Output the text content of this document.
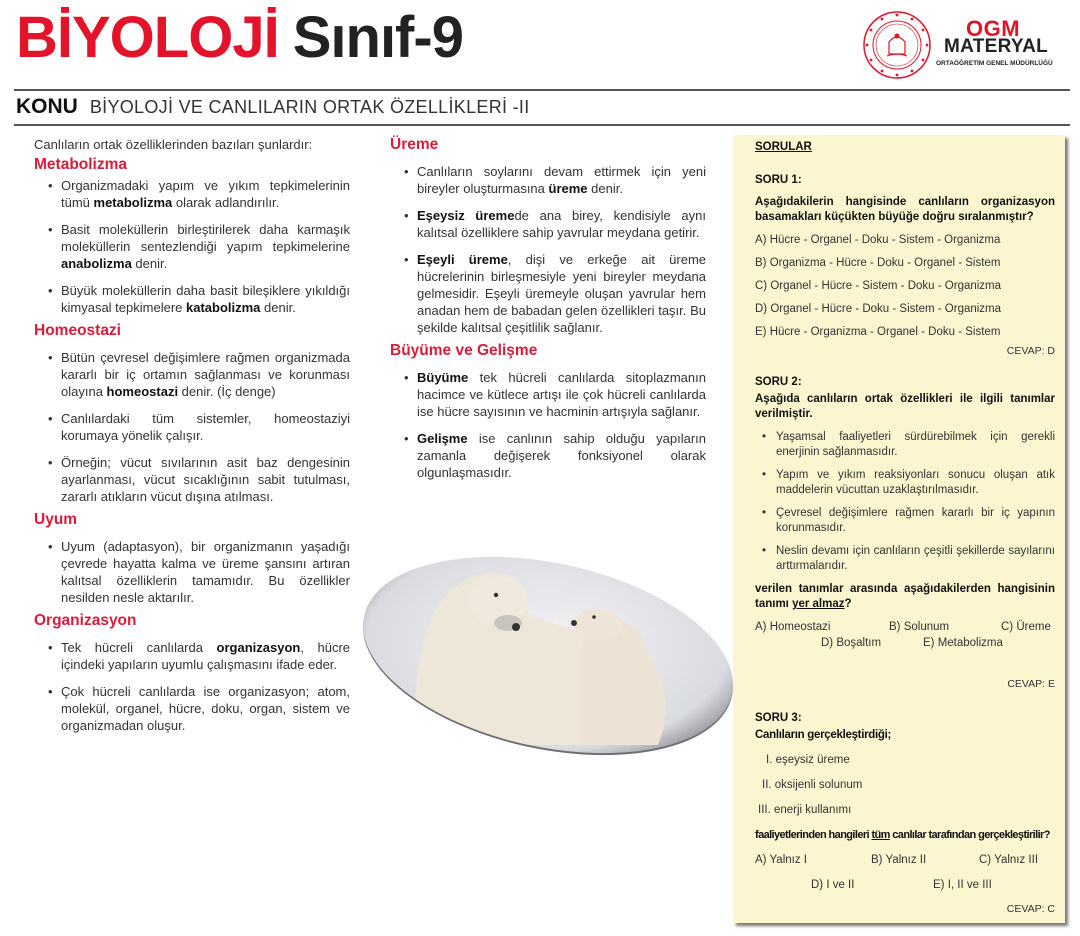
BİYOLOJİ Sınıf-9	OGM
MATERYAL
ORTAÖĞRETİM GENEL MÜDÜRLÜĞÜ
KONU BİYOLOJİ VE CANLILARIN ORTAK ÖZELLİKLERİ -II

Canlıların ortak özelliklerinden bazıları şunlardır:

Metabolizma
• Organizmadaki yapım ve yıkım tepkimelerinin tümü metabolizma olarak adlandırılır.
• Basit moleküllerin birleştirilerek daha karmaşık moleküllerin sentezlendiği yapım tepkimelerine anabolizma denir.
• Büyük moleküllerin daha basit bileşiklere yıkıldığı kimyasal tepkimelere katabolizma denir.
Homeostazi
• Bütün çevresel değişimlere rağmen organizmada kararlı bir iç ortamın sağlanması ve korunması olayına homeostazi denir. (İç denge)
• Canlılardaki tüm sistemler, homeostaziyi korumaya yönelik çalışır.
• Örneğin; vücut sıvılarının asit baz dengesinin ayarlanması, vücut sıcaklığının sabit tutulması, zararlı atıkların vücut dışına atılması.
Uyum
• Uyum (adaptasyon), bir organizmanın yaşadığı çevrede hayatta kalma ve üreme şansını artıran kalıtsal özelliklerin tamamıdır. Bu özellikler nesilden nesle aktarılır.
Organizasyon
• Tek hücreli canlılarda organizasyon, hücre içindeki yapıların uyumlu çalışmasını ifade eder.
• Çok hücreli canlılarda ise organizasyon; atom, molekül, organel, hücre, doku, organ, sistem ve organizmadan oluşur.
Üreme
• Canlıların soylarını devam ettirmek için yeni bireyler oluşturmasına üreme denir.
• Eşeysiz üremede ana birey, kendisiyle aynı kalıtsal özelliklere sahip yavrular meydana getirir.
• Eşeyli üreme, dişi ve erkeğe ait üreme hücrelerinin birleşmesiyle yeni bireyler meydana gelmesidir. Eşeyli üremeyle oluşan yavrular hem anadan hem de babadan gelen özellikleri taşır. Bu şekilde kalıtsal çeşitlilik sağlanır.
Büyüme ve Gelişme
• Büyüme tek hücreli canlılarda sitoplazmanın hacimce ve kütlece artışı ile çok hücreli canlılarda ise hücre sayısının ve hacminin artışıyla sağlanır.
• Gelişme ise canlının sahip olduğu yapıların zamanla değişerek fonksiyonel olarak olgunlaşmasıdır.
SORULAR
SORU 1:
Aşağıdakilerin hangisinde canlıların organizasyon basamakları küçükten büyüğe doğru sıralanmıştır?
A) Hücre - Organel - Doku - Sistem - Organizma
B) Organizma - Hücre - Doku - Organel - Sistem
C) Organel - Hücre - Sistem - Doku - Organizma
D) Organel - Hücre - Doku - Sistem - Organizma
E) Hücre - Organizma - Organel - Doku - Sistem
CEVAP: D
SORU 2:
Aşağıda canlıların ortak özellikleri ile ilgili tanımlar verilmiştir.
• Yaşamsal faaliyetleri sürdürebilmek için gerekli enerjinin sağlanmasıdır.
• Yapım ve yıkım reaksiyonları sonucu oluşan atık maddelerin vücuttan uzaklaştırılmasıdır.
• Çevresel değişimlere rağmen kararlı bir iç yapının korunmasıdır.
• Neslin devamı için canlıların çeşitli şekillerde sayılarını arttırmalarıdır.
verilen tanımlar arasında aşağıdakilerden hangisinin tanımı yer almaz?
A) Homeostazi	B) Solunum	C) Üreme
D) Boşaltım	E) Metabolizma
CEVAP: E
SORU 3:
Canlıların gerçekleştirdiği;
I. eşeysiz üreme
II. oksijenli solunum
III. enerji kullanımı
faaliyetlerinden hangileri tüm canlılar tarafından gerçekleştirilir?
A) Yalnız I	B) Yalnız II	C) Yalnız III
D) I ve II	E) I, II ve III
CEVAP: C
